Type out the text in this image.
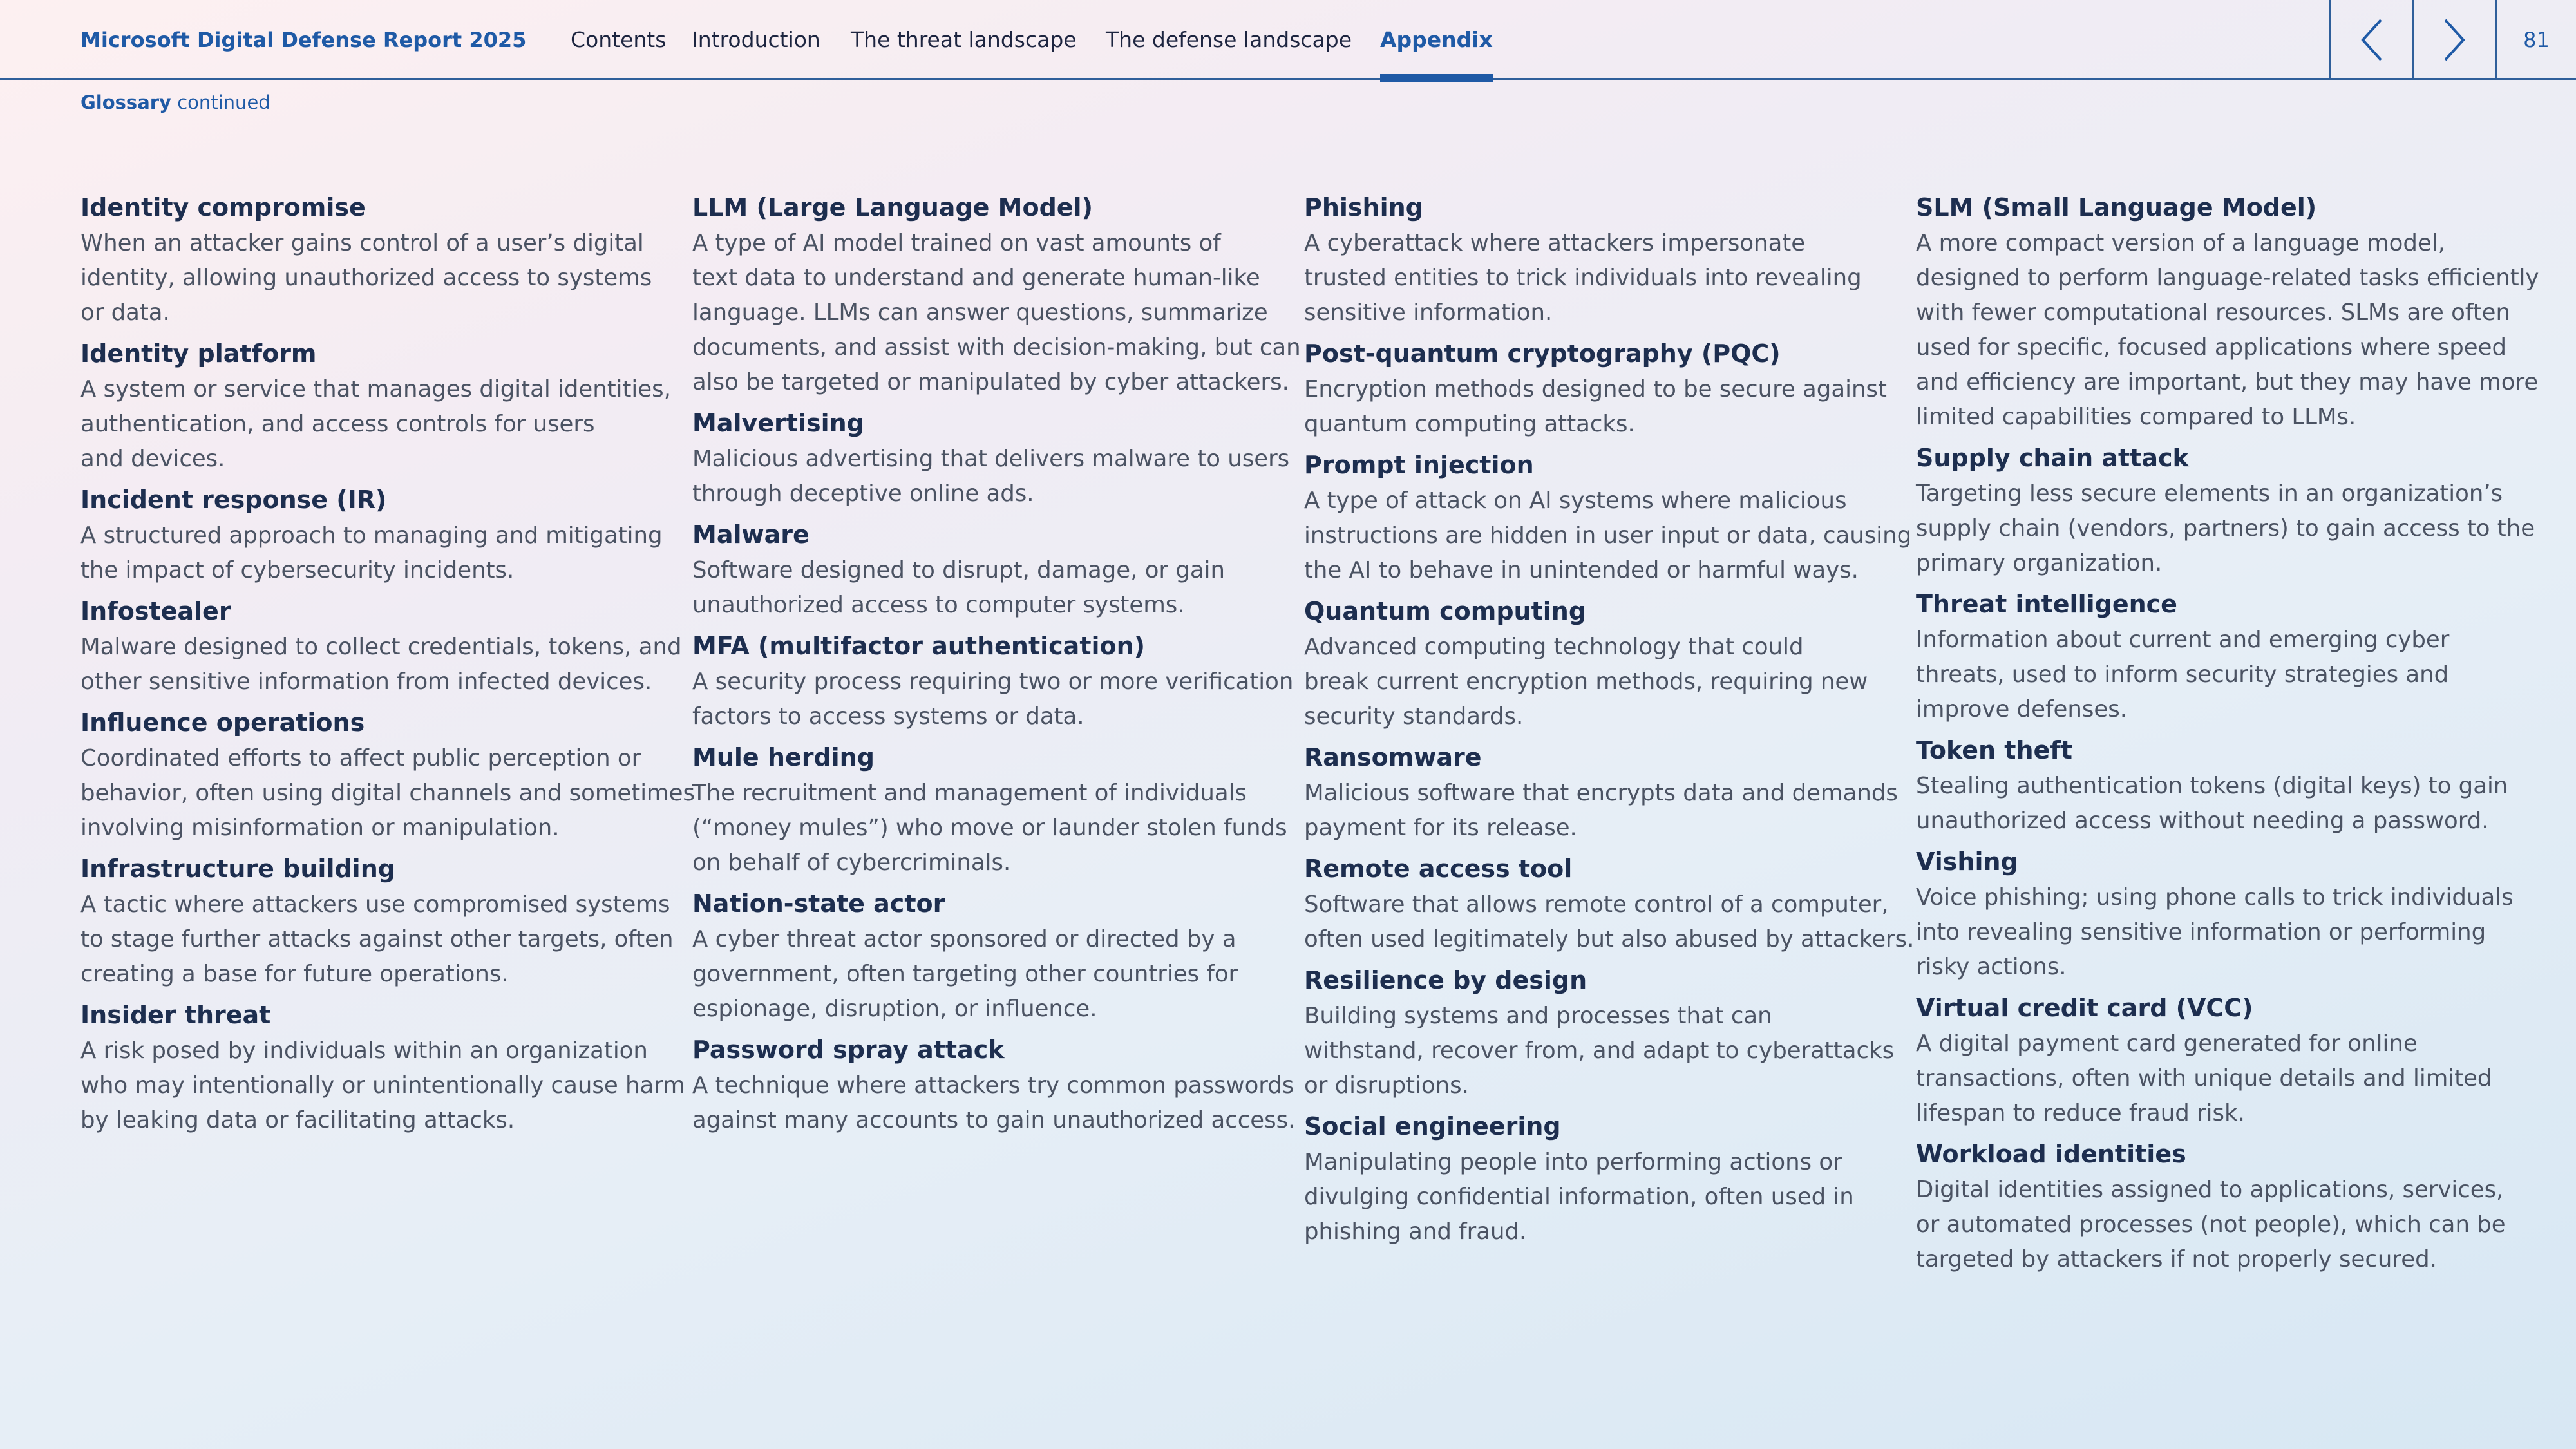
Microsoft Digital Defense Report 2025 Contents Introduction The threat landscape The defense landscape Appendix	81
Glossary continued
Identity compromise
When an attacker gains control of a user’s digital
identity, allowing unauthorized access to systems
or data.
Identity platform
A system or service that manages digital identities,
authentication, and access controls for users
and devices.
Incident response (IR)
A structured approach to managing and mitigating
the impact of cybersecurity incidents.
Infostealer
Malware designed to collect credentials, tokens, and
other sensitive information from infected devices.
Influence operations
Coordinated efforts to affect public perception or
behavior, often using digital channels and sometimes
involving misinformation or manipulation.
Infrastructure building
A tactic where attackers use compromised systems
to stage further attacks against other targets, often
creating a base for future operations.
Insider threat
A risk posed by individuals within an organization
who may intentionally or unintentionally cause harm
by leaking data or facilitating attacks.
LLM (Large Language Model)
A type of AI model trained on vast amounts of
text data to understand and generate human-like
language. LLMs can answer questions, summarize
documents, and assist with decision-making, but can
also be targeted or manipulated by cyber attackers.
Malvertising
Malicious advertising that delivers malware to users
through deceptive online ads.
Malware
Software designed to disrupt, damage, or gain
unauthorized access to computer systems.
MFA (multifactor authentication)
A security process requiring two or more verification
factors to access systems or data.
Mule herding
The recruitment and management of individuals
(“money mules”) who move or launder stolen funds
on behalf of cybercriminals.
Nation-state actor
A cyber threat actor sponsored or directed by a
government, often targeting other countries for
espionage, disruption, or influence.
Password spray attack
A technique where attackers try common passwords
against many accounts to gain unauthorized access.
Phishing
A cyberattack where attackers impersonate
trusted entities to trick individuals into revealing
sensitive information.
Post-quantum cryptography (PQC)
Encryption methods designed to be secure against
quantum computing attacks.
Prompt injection
A type of attack on AI systems where malicious
instructions are hidden in user input or data, causing
the AI to behave in unintended or harmful ways.
Quantum computing
Advanced computing technology that could
break current encryption methods, requiring new
security standards.
Ransomware
Malicious software that encrypts data and demands
payment for its release.
Remote access tool
Software that allows remote control of a computer,
often used legitimately but also abused by attackers.
Resilience by design
Building systems and processes that can
withstand, recover from, and adapt to cyberattacks
or disruptions.
Social engineering
Manipulating people into performing actions or
divulging confidential information, often used in
phishing and fraud.
SLM (Small Language Model)
A more compact version of a language model,
designed to perform language-related tasks efficiently
with fewer computational resources. SLMs are often
used for specific, focused applications where speed
and efficiency are important, but they may have more
limited capabilities compared to LLMs.
Supply chain attack
Targeting less secure elements in an organization’s
supply chain (vendors, partners) to gain access to the
primary organization.
Threat intelligence
Information about current and emerging cyber
threats, used to inform security strategies and
improve defenses.
Token theft
Stealing authentication tokens (digital keys) to gain
unauthorized access without needing a password.
Vishing
Voice phishing; using phone calls to trick individuals
into revealing sensitive information or performing
risky actions.
Virtual credit card (VCC)
A digital payment card generated for online
transactions, often with unique details and limited
lifespan to reduce fraud risk.
Workload identities
Digital identities assigned to applications, services,
or automated processes (not people), which can be
targeted by attackers if not properly secured.
